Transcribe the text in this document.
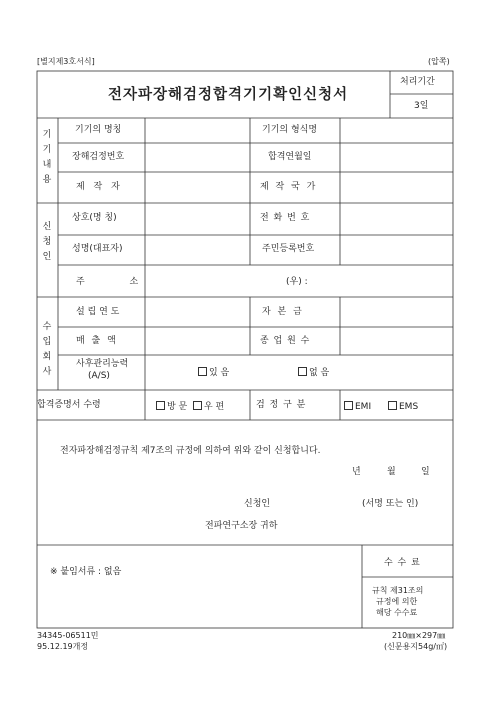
[별지제3호서식]	(압쪽)
전자파장해검정합격기기확인신청서
처리기간
3일
기기내용
신청인
수입회사
기기의 명칭	기기의 형식명
장해검정번호	합격연월일
제 작 자	제 작 국 가
상호(명 칭)	전 화 번 호
성명(대표자)	주민등록번호
주 소	(우) :
설 립 연 도	자 본 금
매 출 액	종 업 원 수
사후관리능력
(A/S)	있 음	없 음
합격증명서 수령	방 문	우 편	검 정 구 분	EMI	EMS
전자파장해검정규칙 제7조의 규정에 의하여 위와 같이 신청합니다.
년	월	일
신청인	(서명 또는 인)
전파연구소장 귀하
※ 붙임서류 : 없음
수 수 료
규칙 제31조의
규정에 의한
해당 수수료
34345-06511민
95.12.19개정
210㎜×297㎜
(신문용지54g/㎡)
